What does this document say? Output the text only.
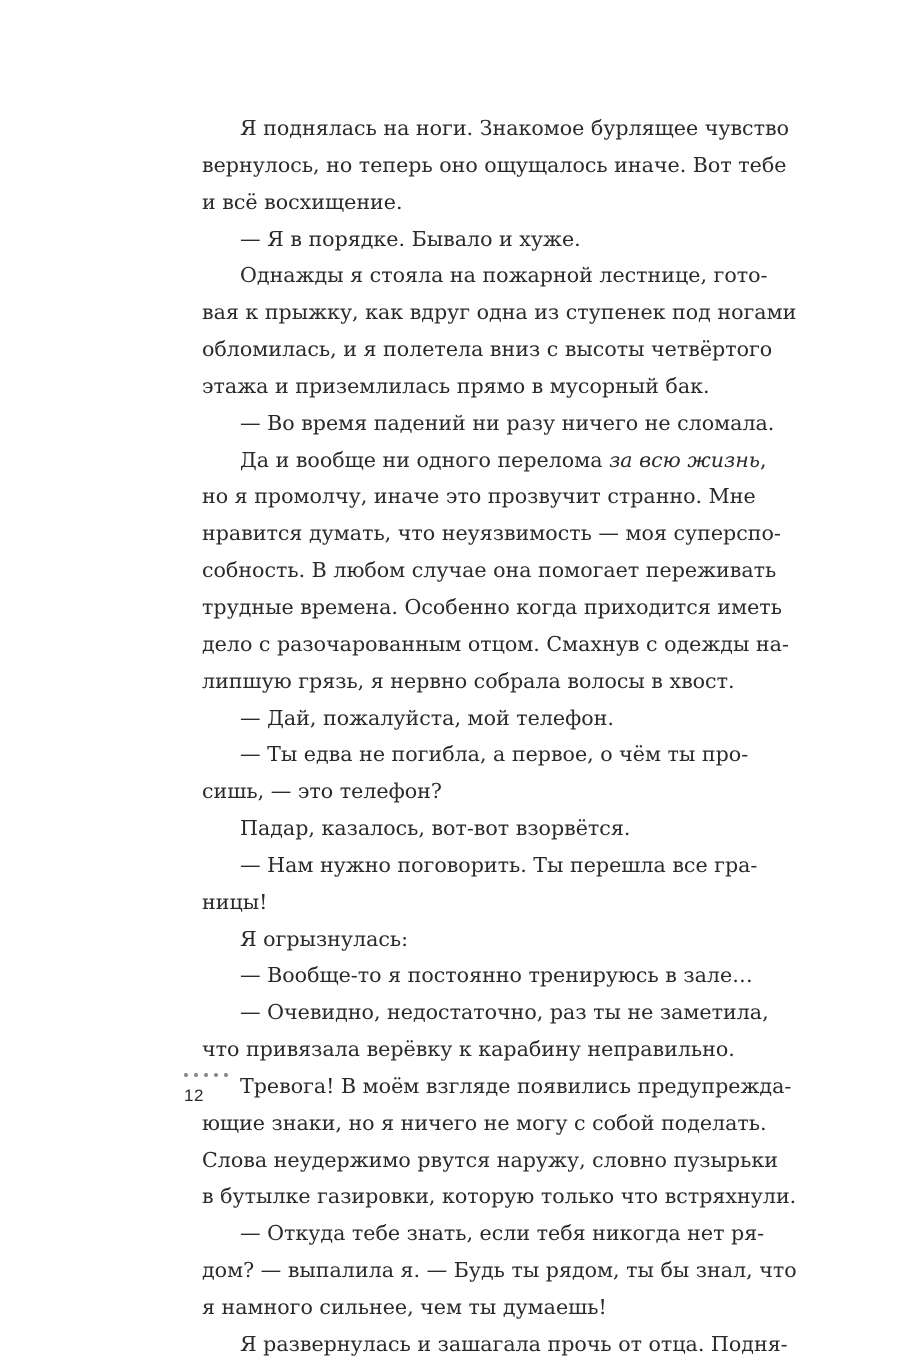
Я поднялась на ноги. Знакомое бурлящее чувство
вернулось, но теперь оно ощущалось иначе. Вот тебе
и всё восхищение.
— Я в порядке. Бывало и хуже.
Однажды я стояла на пожарной лестнице, гото-
вая к прыжку, как вдруг одна из ступенек под ногами
обломилась, и я полетела вниз с высоты четвёртого
этажа и приземлилась прямо в мусорный бак.
— Во время падений ни разу ничего не сломала.
Да и вообще ни одного перелома за всю жизнь,
но я промолчу, иначе это прозвучит странно. Мне
нравится думать, что неуязвимость — моя суперспо-
собность. В любом случае она помогает переживать
трудные времена. Особенно когда приходится иметь
дело с разочарованным отцом. Смахнув с одежды на-
липшую грязь, я нервно собрала волосы в хвост.
— Дай, пожалуйста, мой телефон.
— Ты едва не погибла, а первое, о чём ты про-
сишь, — это телефон?
Падар, казалось, вот-вот взорвётся.
— Нам нужно поговорить. Ты перешла все гра-
ницы!
Я огрызнулась:
— Вообще-то я постоянно тренируюсь в зале…
— Очевидно, недостаточно, раз ты не заметила,
что привязала верёвку к карабину неправильно.
Тревога! В моём взгляде появились предупрежда-
ющие знаки, но я ничего не могу с собой поделать.
Слова неудержимо рвутся наружу, словно пузырьки
в бутылке газировки, которую только что встряхнули.
— Откуда тебе знать, если тебя никогда нет ря-
дом? — выпалила я. — Будь ты рядом, ты бы знал, что
я намного сильнее, чем ты думаешь!
Я развернулась и зашагала прочь от отца. Подня-
12
